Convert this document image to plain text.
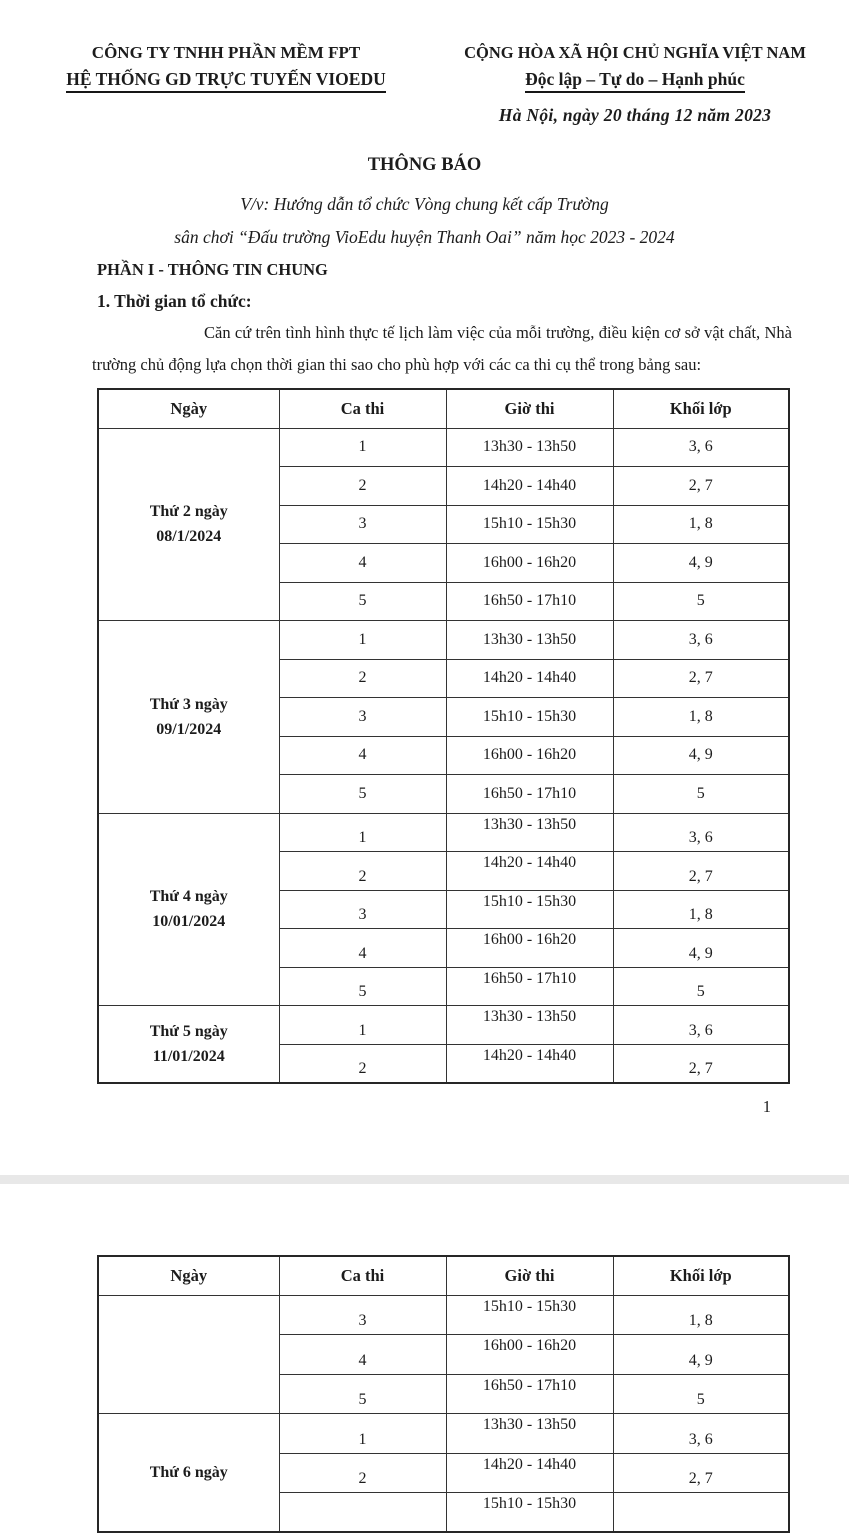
CÔNG TY TNHH PHẦN MỀM FPT
HỆ THỐNG GD TRỰC TUYẾN VIOEDU
CỘNG HÒA XÃ HỘI CHỦ NGHĨA VIỆT NAM
Độc lập – Tự do – Hạnh phúc
Hà Nội, ngày 20 tháng 12 năm 2023
THÔNG BÁO
V/v: Hướng dẫn tổ chức Vòng chung kết cấp Trường
sân chơi “Đấu trường VioEdu huyện Thanh Oai” năm học 2023 - 2024
PHẦN I - THÔNG TIN CHUNG
1. Thời gian tổ chức:

Căn cứ trên tình hình thực tế lịch làm việc của mỗi trường, điều kiện cơ sở vật chất, Nhà trường chủ động lựa chọn thời gian thi sao cho phù hợp với các ca thi cụ thể trong bảng sau:

Ngày	Ca thi	Giờ thi	Khối lớp

Thứ 2 ngày
08/1/2024	1	13h30 - 13h50	3, 6
	2	14h20 - 14h40	2, 7
	3	15h10 - 15h30	1, 8
	4	16h00 - 16h20	4, 9
	5	16h50 - 17h10	5

Thứ 3 ngày
09/1/2024	1	13h30 - 13h50	3, 6
	2	14h20 - 14h40	2, 7
	3	15h10 - 15h30	1, 8
	4	16h00 - 16h20	4, 9
	5	16h50 - 17h10	5

Thứ 4 ngày
10/01/2024	1	13h30 - 13h50	3, 6
	2	14h20 - 14h40	2, 7
	3	15h10 - 15h30	1, 8
	4	16h00 - 16h20	4, 9
	5	16h50 - 17h10	5

Thứ 5 ngày
11/01/2024	1	13h30 - 13h50	3, 6
	2	14h20 - 14h40	2, 7
1
Ngày	Ca thi	Giờ thi	Khối lớp
	3	15h10 - 15h30	1, 8
	4	16h00 - 16h20	4, 9
	5	16h50 - 17h10	5

Thứ 6 ngày	1	13h30 - 13h50	3, 6
	2	14h20 - 14h40	2, 7
		15h10 - 15h30	
